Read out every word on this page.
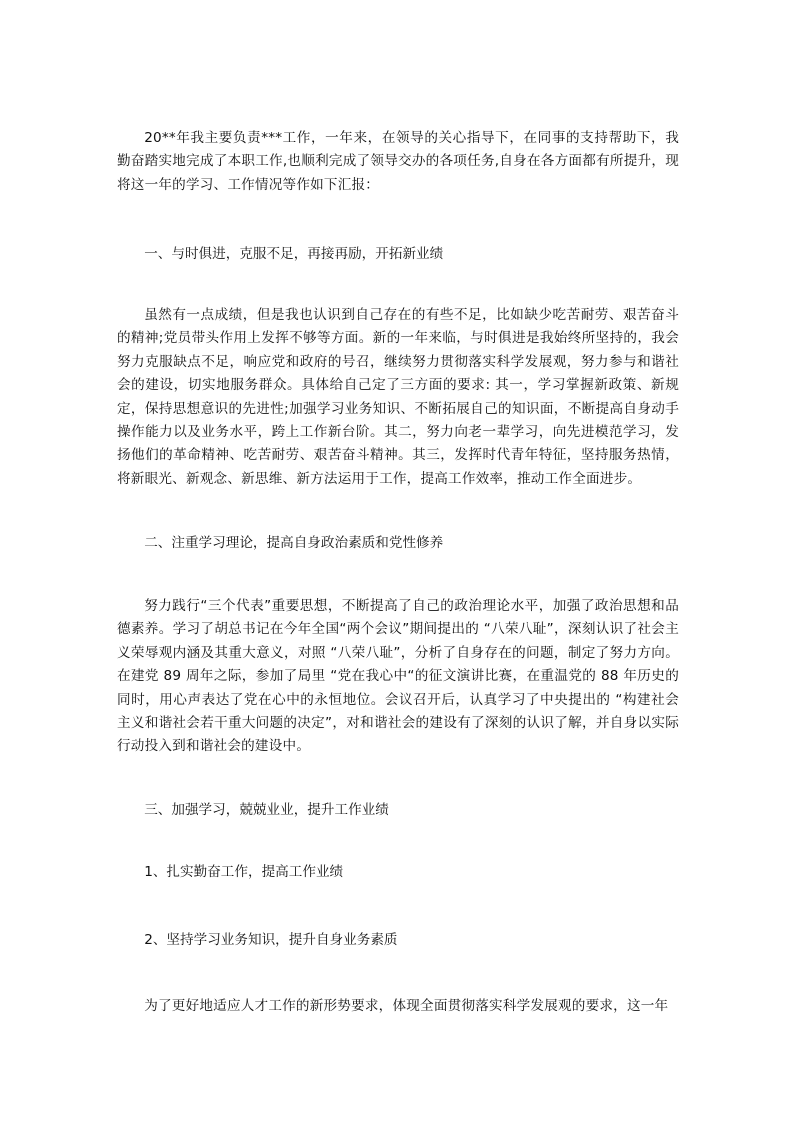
20**年我主要负责***工作，一年来，在领导的关心指导下，在同事的支持帮助下，我勤奋踏实地完成了本职工作,也顺利完成了领导交办的各项任务,自身在各方面都有所提升，现将这一年的学习、工作情况等作如下汇报：

一、与时俱进，克服不足，再接再励，开拓新业绩

虽然有一点成绩，但是我也认识到自己存在的有些不足，比如缺少吃苦耐劳、艰苦奋斗的精神;党员带头作用上发挥不够等方面。新的一年来临，与时俱进是我始终所坚持的，我会努力克服缺点不足，响应党和政府的号召，继续努力贯彻落实科学发展观，努力参与和谐社会的建设，切实地服务群众。具体给自己定了三方面的要求: 其一，学习掌握新政策、新规定，保持思想意识的先进性;加强学习业务知识、不断拓展自己的知识面，不断提高自身动手操作能力以及业务水平，跨上工作新台阶。其二，努力向老一辈学习，向先进模范学习，发扬他们的革命精神、吃苦耐劳、艰苦奋斗精神。其三，发挥时代青年特征，坚持服务热情，将新眼光、新观念、新思维、新方法运用于工作，提高工作效率，推动工作全面进步。

二、注重学习理论，提高自身政治素质和党性修养

努力践行“三个代表”重要思想，不断提高了自己的政治理论水平，加强了政治思想和品德素养。学习了胡总书记在今年全国“两个会议”期间提出的 “八荣八耻”，深刻认识了社会主义荣辱观内涵及其重大意义，对照 “八荣八耻”，分析了自身存在的问题，制定了努力方向。在建党 89 周年之际，参加了局里 “党在我心中“的征文演讲比赛，在重温党的 88 年历史的同时，用心声表达了党在心中的永恒地位。会议召开后，认真学习了中央提出的 “构建社会主义和谐社会若干重大问题的决定”，对和谐社会的建设有了深刻的认识了解，并自身以实际行动投入到和谐社会的建设中。

三、加强学习，兢兢业业，提升工作业绩

1、扎实勤奋工作，提高工作业绩

2、坚持学习业务知识，提升自身业务素质

为了更好地适应人才工作的新形势要求，体现全面贯彻落实科学发展观的要求，这一年
